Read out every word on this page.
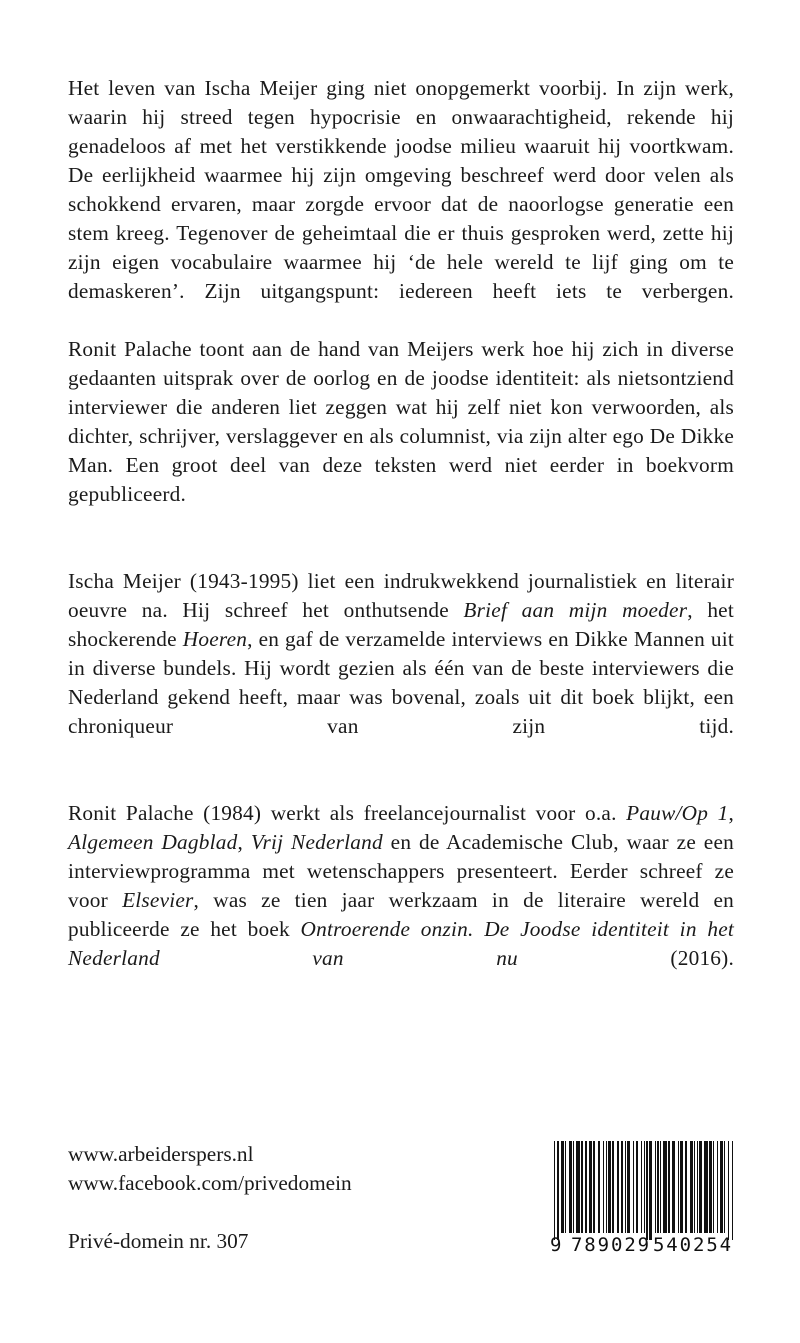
Het leven van Ischa Meijer ging niet onopgemerkt voorbij. In zijn werk, waarin hij streed tegen hypocrisie en onwaarachtigheid, rekende hij genadeloos af met het verstikkende joodse milieu waaruit hij voortkwam. De eerlijkheid waarmee hij zijn omgeving beschreef werd door velen als schokkend ervaren, maar zorgde ervoor dat de naoorlogse generatie een stem kreeg. Tegenover de geheimtaal die er thuis gesproken werd, zette hij zijn eigen vocabulaire waarmee hij ‘de hele wereld te lijf ging om te demaskeren’. Zijn uitgangspunt: iedereen heeft iets te verbergen.

Ronit Palache toont aan de hand van Meijers werk hoe hij zich in diverse gedaanten uitsprak over de oorlog en de joodse identiteit: als nietsontziend interviewer die anderen liet zeggen wat hij zelf niet kon verwoorden, als dichter, schrijver, verslaggever en als columnist, via zijn alter ego De Dikke Man. Een groot deel van deze teksten werd niet eerder in boekvorm gepubliceerd.

Ischa Meijer (1943-1995) liet een indrukwekkend journalistiek en literair oeuvre na. Hij schreef het onthutsende Brief aan mijn moeder, het shockerende Hoeren, en gaf de verzamelde interviews en Dikke Mannen uit in diverse bundels. Hij wordt gezien als één van de beste interviewers die Nederland gekend heeft, maar was bovenal, zoals uit dit boek blijkt, een chroniqueur van zijn tijd.

Ronit Palache (1984) werkt als freelancejournalist voor o.a. Pauw/Op 1, Algemeen Dagblad, Vrij Nederland en de Academische Club, waar ze een interviewprogramma met wetenschappers presenteert. Eerder schreef ze voor Elsevier, was ze tien jaar werkzaam in de literaire wereld en publiceerde ze het boek Ontroerende onzin. De Joodse identiteit in het Nederland van nu (2016).

www.arbeiderspers.nl
www.facebook.com/privedomein
Privé-domein nr. 307	9 789029 540254
